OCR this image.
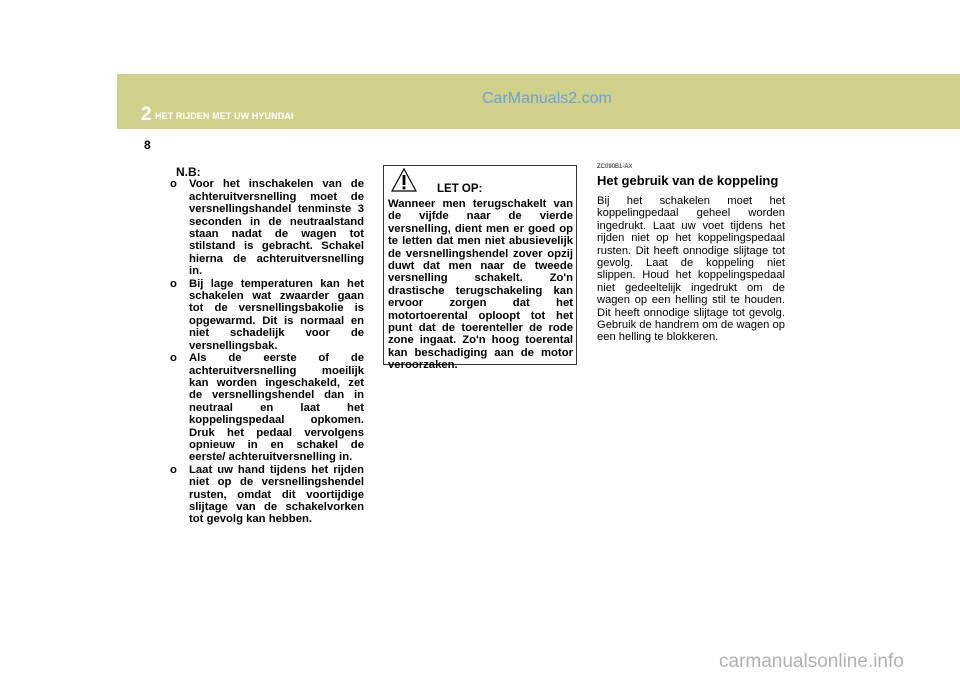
2 HET RIJDEN MET UW HYUNDAI
CarManuals2.com
8
N.B:
o Voor het inschakelen van de achteruitversnelling moet de versnellingshandel tenminste 3 seconden in de neutraalstand staan nadat de wagen tot stilstand is gebracht. Schakel hierna de achteruitversnelling in.
o Bij lage temperaturen kan het schakelen wat zwaarder gaan tot de versnellingsbakolie is opgewarmd. Dit is normaal en niet schadelijk voor de versnellingsbak.
o Als de eerste of de achteruitversnelling moeilijk kan worden ingeschakeld, zet de versnellingshendel dan in neutraal en laat het koppelingspedaal opkomen. Druk het pedaal vervolgens opnieuw in en schakel de eerste/ achteruitversnelling in.
o Laat uw hand tijdens het rijden niet op de versnellingshendel rusten, omdat dit voortijdige slijtage van de schakelvorken tot gevolg kan hebben.
Wanneer men terugschakelt van de vijfde naar de vierde versnelling, dient men er goed op te letten dat men niet abusievelijk de versnellingshendel zover opzij duwt dat men naar de tweede versnelling schakelt. Zo'n drastische terugschakeling kan ervoor zorgen dat het motortoerental oploopt tot het punt dat de toerenteller de rode zone ingaat. Zo'n hoog toerental kan beschadiging aan de motor veroorzaken.
LET OP:
ZC090B1-AX
Het gebruik van de koppeling
Bij het schakelen moet het koppelingpedaal geheel worden ingedrukt. Laat uw voet tijdens het rijden niet op het koppelingspedaal rusten. Dit heeft onnodige slijtage tot gevolg. Laat de koppeling niet slippen. Houd het koppelingspedaal niet gedeeltelijk ingedrukt om de wagen op een helling stil te houden. Dit heeft onnodige slijtage tot gevolg. Gebruik de handrem om de wagen op een helling te blokkeren.
carmanualsonline.info
